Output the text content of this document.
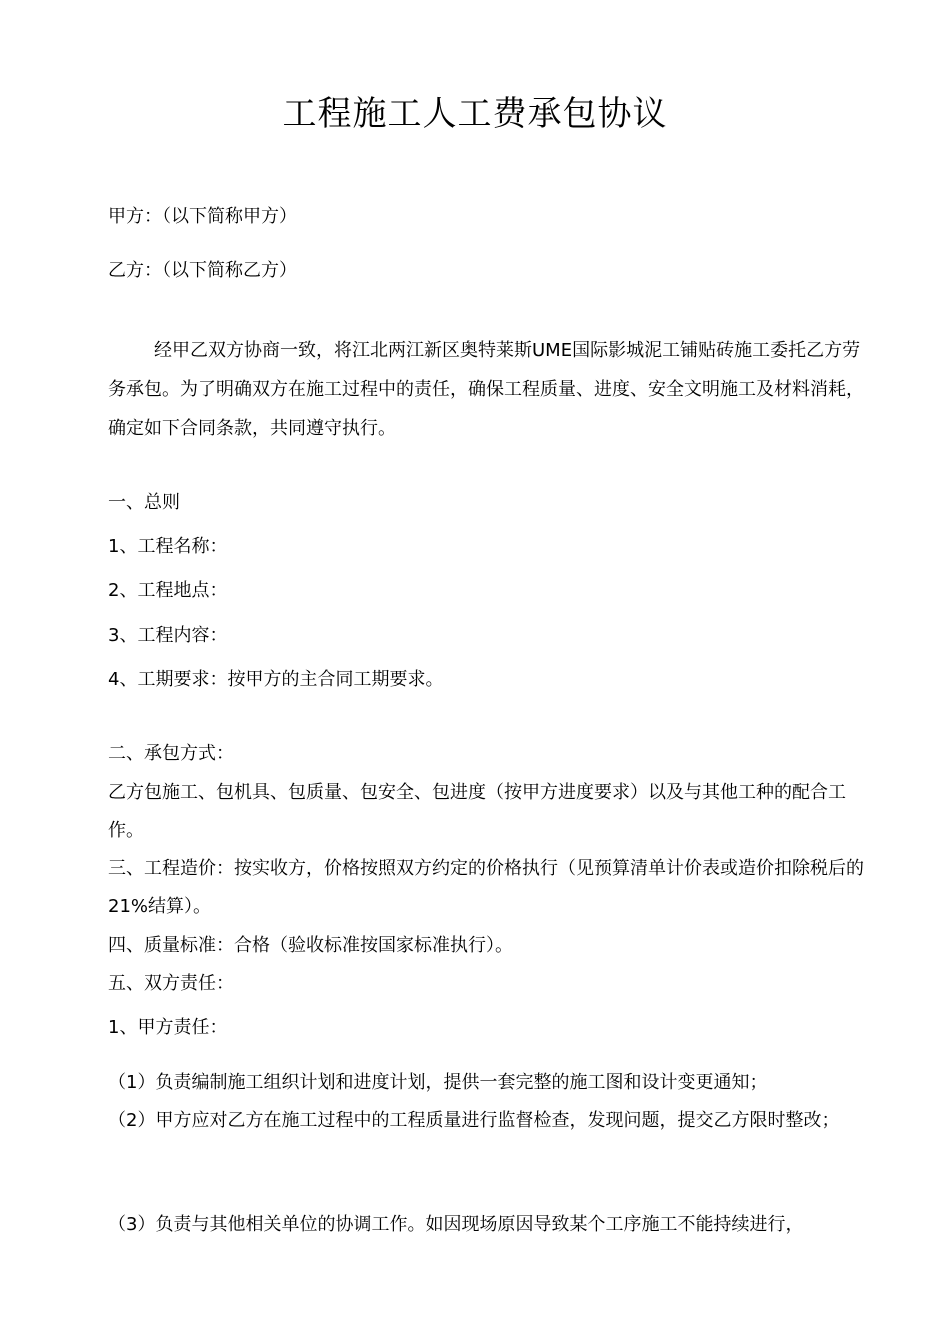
工程施工人工费承包协议
甲方：（以下简称甲方）
乙方：（以下简称乙方）
经甲乙双方协商一致，将江北两江新区奥特莱斯UME国际影城泥工铺贴砖施工委托乙方劳务承包。为了明确双方在施工过程中的责任，确保工程质量、进度、安全文明施工及材料消耗，确定如下合同条款，共同遵守执行。
一、总则
1、工程名称：
2、工程地点：
3、工程内容：
4、工期要求：按甲方的主合同工期要求。
二、承包方式：
乙方包施工、包机具、包质量、包安全、包进度（按甲方进度要求）以及与其他工种的配合工作。
三、工程造价：按实收方，价格按照双方约定的价格执行（见预算清单计价表或造价扣除税后的21%结算）。
四、质量标准：合格（验收标准按国家标准执行）。
五、双方责任：
1、甲方责任：
（1）负责编制施工组织计划和进度计划，提供一套完整的施工图和设计变更通知；
（2）甲方应对乙方在施工过程中的工程质量进行监督检查，发现问题，提交乙方限时整改；
（3）负责与其他相关单位的协调工作。如因现场原因导致某个工序施工不能持续进行，
